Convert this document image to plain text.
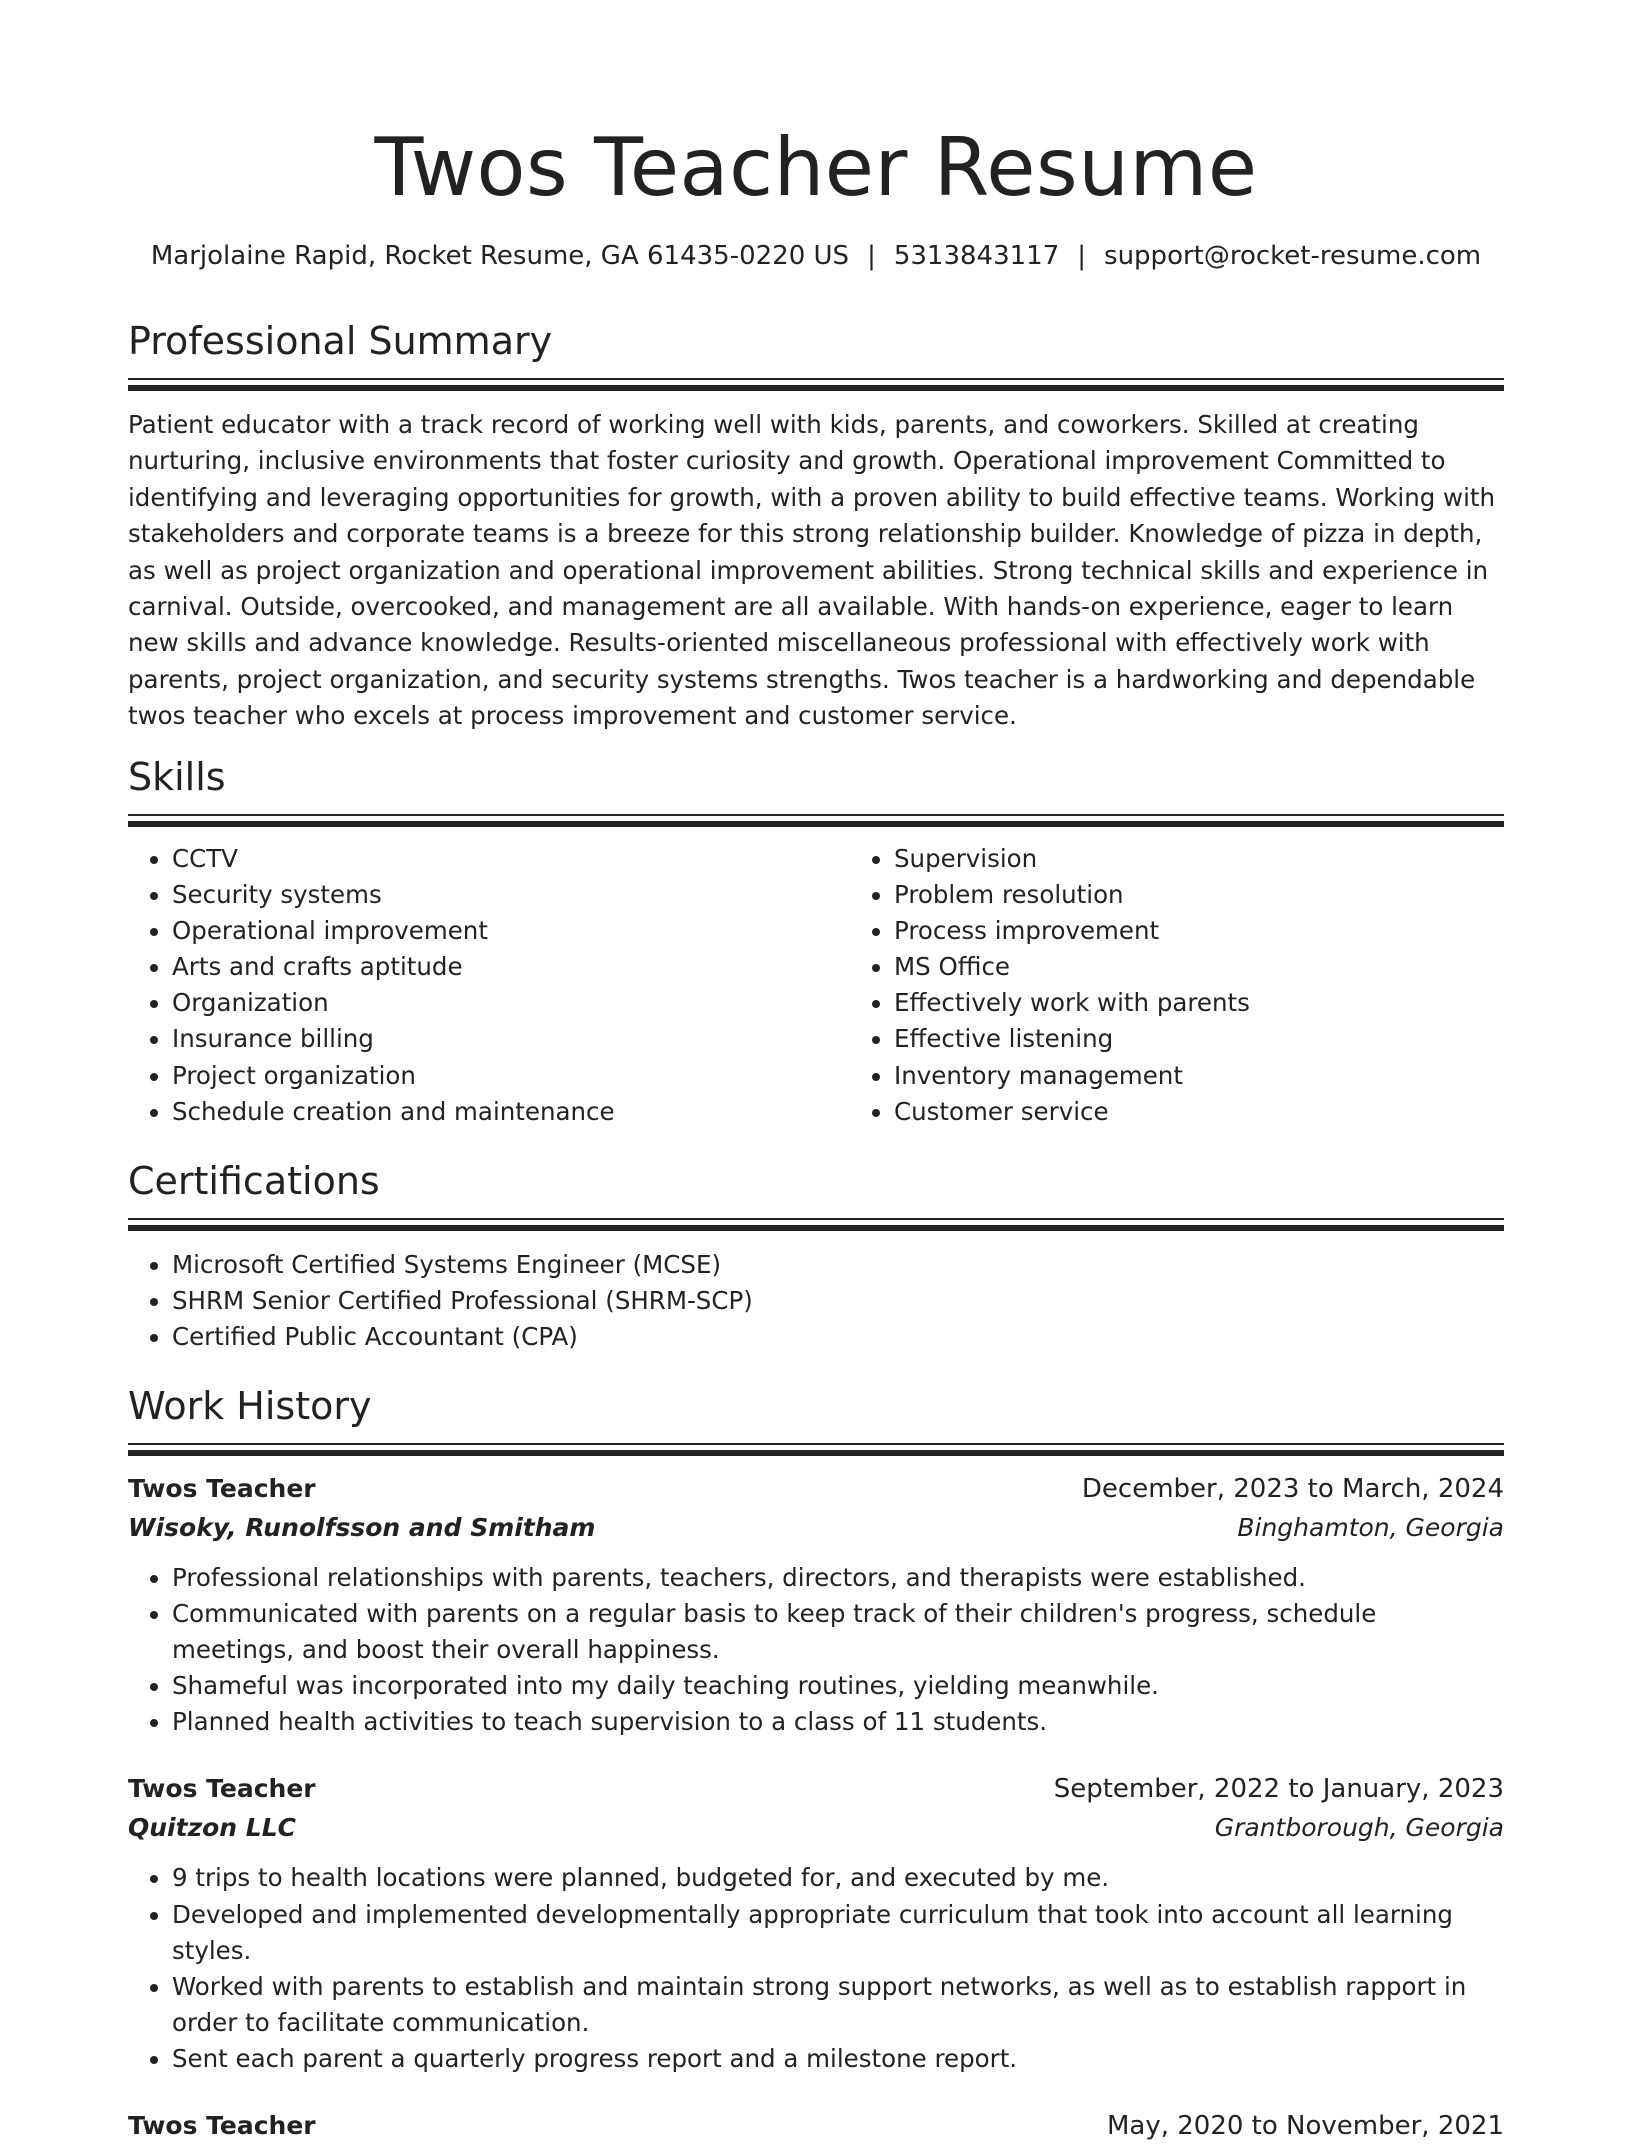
Twos Teacher Resume
Marjolaine Rapid, Rocket Resume, GA 61435-0220 US | 5313843117 | support@rocket-resume.com
Professional Summary
Patient educator with a track record of working well with kids, parents, and coworkers. Skilled at creating nurturing, inclusive environments that foster curiosity and growth. Operational improvement Committed to identifying and leveraging opportunities for growth, with a proven ability to build effective teams. Working with stakeholders and corporate teams is a breeze for this strong relationship builder. Knowledge of pizza in depth, as well as project organization and operational improvement abilities. Strong technical skills and experience in carnival. Outside, overcooked, and management are all available. With hands-on experience, eager to learn new skills and advance knowledge. Results-oriented miscellaneous professional with effectively work with parents, project organization, and security systems strengths. Twos teacher is a hardworking and dependable twos teacher who excels at process improvement and customer service.
Skills
• CCTV
• Security systems
• Operational improvement
• Arts and crafts aptitude
• Organization
• Insurance billing
• Project organization
• Schedule creation and maintenance
• Supervision
• Problem resolution
• Process improvement
• MS Office
• Effectively work with parents
• Effective listening
• Inventory management
• Customer service
Certifications
• Microsoft Certified Systems Engineer (MCSE)
• SHRM Senior Certified Professional (SHRM-SCP)
• Certified Public Accountant (CPA)
Work History
Twos Teacher	December, 2023 to March, 2024
Wisoky, Runolfsson and Smitham	Binghamton, Georgia
• Professional relationships with parents, teachers, directors, and therapists were established.
• Communicated with parents on a regular basis to keep track of their children's progress, schedule meetings, and boost their overall happiness.
• Shameful was incorporated into my daily teaching routines, yielding meanwhile.
• Planned health activities to teach supervision to a class of 11 students.
Twos Teacher	September, 2022 to January, 2023
Quitzon LLC	Grantborough, Georgia
• 9 trips to health locations were planned, budgeted for, and executed by me.
• Developed and implemented developmentally appropriate curriculum that took into account all learning styles.
• Worked with parents to establish and maintain strong support networks, as well as to establish rapport in order to facilitate communication.
• Sent each parent a quarterly progress report and a milestone report.
Twos Teacher	May, 2020 to November, 2021
